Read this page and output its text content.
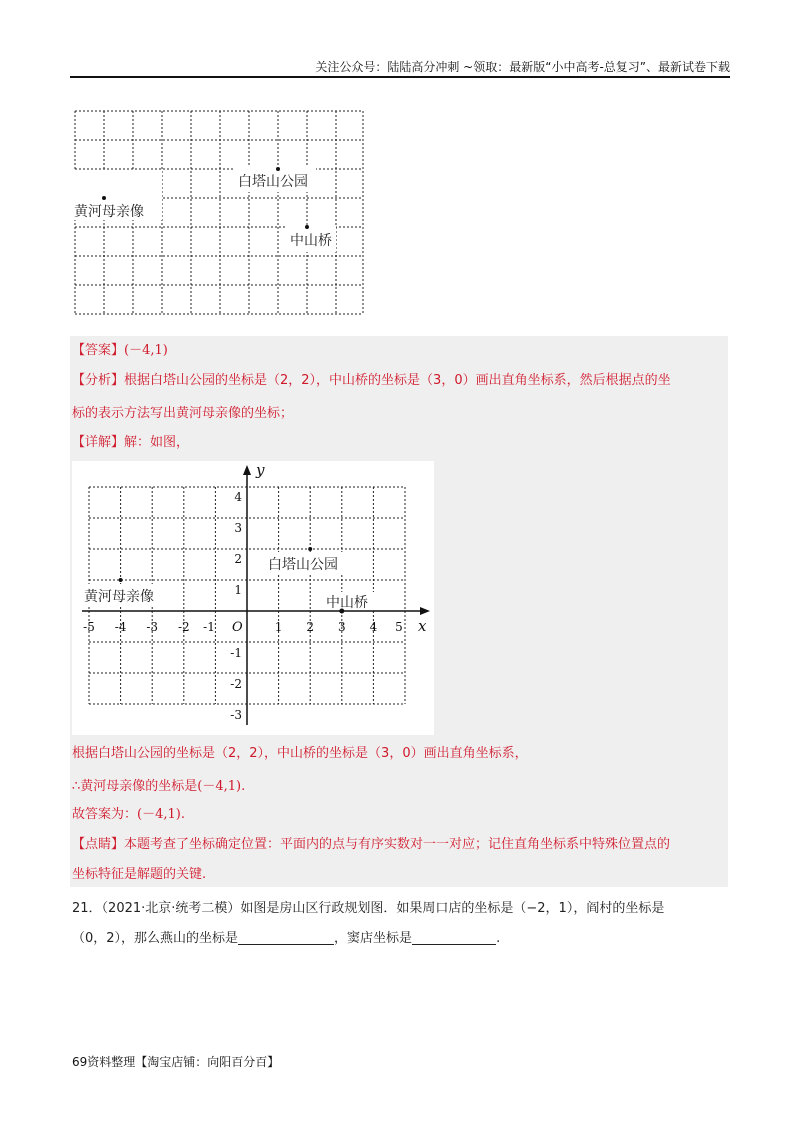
关注公众号：陆陆高分冲刺 ~领取：最新版“小中高考-总复习”、最新试卷下载
白塔山公园
黄河母亲像
中山桥
【答案】(－4,1)
【分析】根据白塔山公园的坐标是（2，2），中山桥的坐标是（3，0）画出直角坐标系，然后根据点的坐
标的表示方法写出黄河母亲像的坐标；
【详解】解：如图，
x
y
O
-5 -4 -3 -2 -1	1 2 3 4 5
4
3
2
1
-1
-2
-3
白塔山公园
黄河母亲像	中山桥
根据白塔山公园的坐标是（2，2），中山桥的坐标是（3，0）画出直角坐标系，
∴黄河母亲像的坐标是(－4,1).
故答案为：(－4,1).
【点睛】本题考查了坐标确定位置：平面内的点与有序实数对一一对应；记住直角坐标系中特殊位置点的
坐标特征是解题的关键.
21．（2021·北京·统考二模）如图是房山区行政规划图．如果周口店的坐标是（−2，1），阎村的坐标是
（0，2），那么燕山的坐标是	，窦店坐标是	.
69资料整理【淘宝店铺：向阳百分百】
